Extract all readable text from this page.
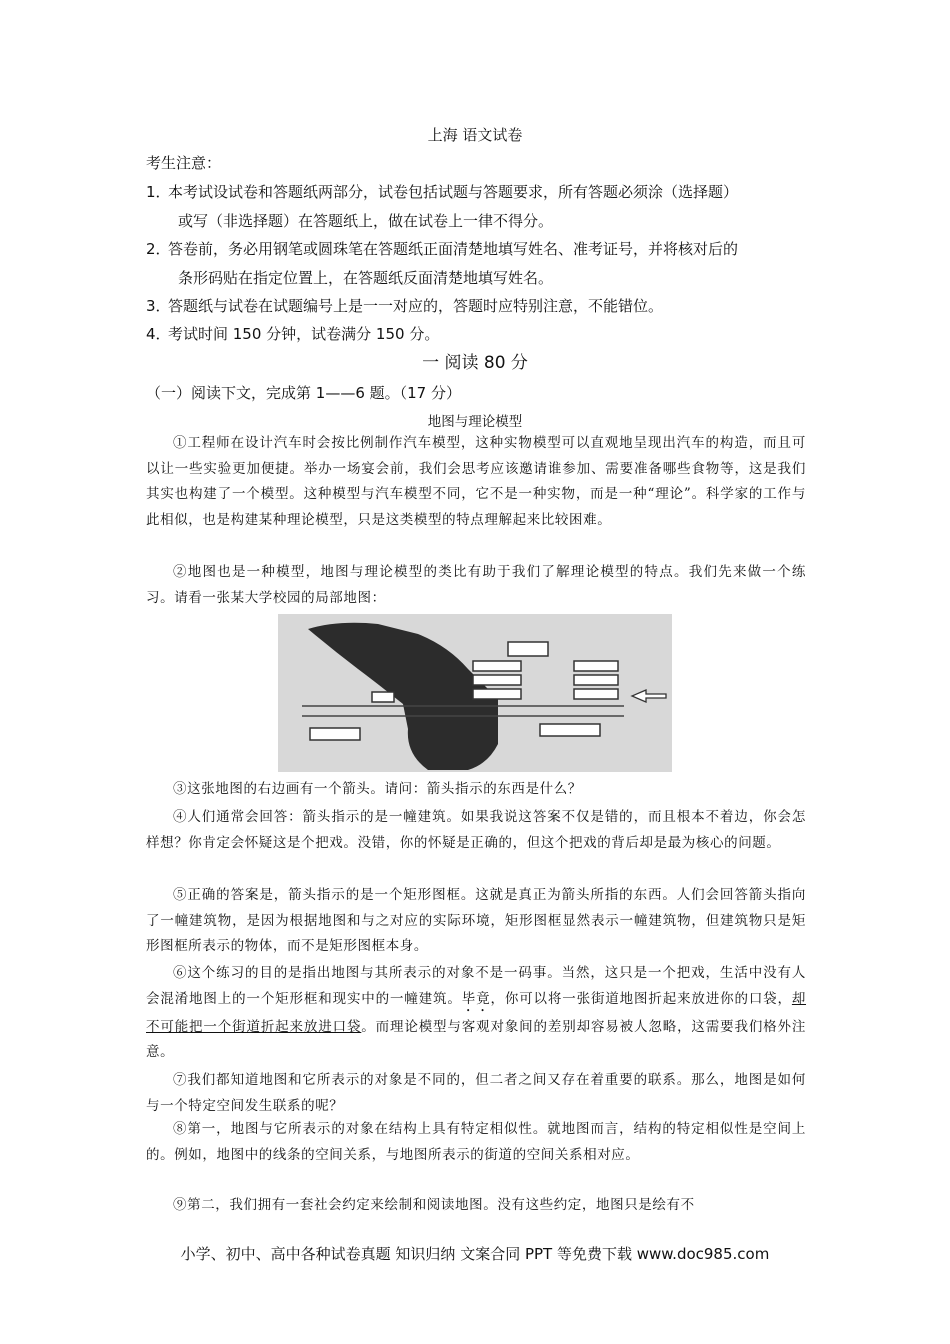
上海 语文试卷
考生注意：
1．本考试设试卷和答题纸两部分，试卷包括试题与答题要求，所有答题必须涂（选择题）
或写（非选择题）在答题纸上，做在试卷上一律不得分。
2．答卷前，务必用钢笔或圆珠笔在答题纸正面清楚地填写姓名、准考证号，并将核对后的
条形码贴在指定位置上，在答题纸反面清楚地填写姓名。
3．答题纸与试卷在试题编号上是一一对应的，答题时应特别注意，不能错位。
4．考试时间 150 分钟，试卷满分 150 分。
一 阅读 80 分
（一）阅读下文，完成第 1——6 题。（17 分）
地图与理论模型

①工程师在设计汽车时会按比例制作汽车模型，这种实物模型可以直观地呈现出汽车的构造，而且可以让一些实验更加便捷。举办一场宴会前，我们会思考应该邀请谁参加、需要准备哪些食物等，这是我们其实也构建了一个模型。这种模型与汽车模型不同，它不是一种实物，而是一种“理论”。科学家的工作与此相似，也是构建某种理论模型，只是这类模型的特点理解起来比较困难。

②地图也是一种模型，地图与理论模型的类比有助于我们了解理论模型的特点。我们先来做一个练习。请看一张某大学校园的局部地图：

③这张地图的右边画有一个箭头。请问：箭头指示的东西是什么？

④人们通常会回答：箭头指示的是一幢建筑。如果我说这答案不仅是错的，而且根本不着边，你会怎样想？你肯定会怀疑这是个把戏。没错，你的怀疑是正确的，但这个把戏的背后却是最为核心的问题。

⑤正确的答案是，箭头指示的是一个矩形图框。这就是真正为箭头所指的东西。人们会回答箭头指向了一幢建筑物，是因为根据地图和与之对应的实际环境，矩形图框显然表示一幢建筑物，但建筑物只是矩形图框所表示的物体，而不是矩形图框本身。

⑥这个练习的目的是指出地图与其所表示的对象不是一码事。当然，这只是一个把戏，生活中没有人会混淆地图上的一个矩形框和现实中的一幢建筑。毕竟，你可以将一张街道地图折起来放进你的口袋，却不可能把一个街道折起来放进口袋。而理论模型与客观对象间的差别却容易被人忽略，这需要我们格外注意。

⑦我们都知道地图和它所表示的对象是不同的，但二者之间又存在着重要的联系。那么，地图是如何与一个特定空间发生联系的呢？

⑧第一，地图与它所表示的对象在结构上具有特定相似性。就地图而言，结构的特定相似性是空间上的。例如，地图中的线条的空间关系，与地图所表示的街道的空间关系相对应。

⑨第二，我们拥有一套社会约定来绘制和阅读地图。没有这些约定，地图只是绘有不

小学、初中、高中各种试卷真题 知识归纳 文案合同 PPT 等免费下载 www.doc985.com
